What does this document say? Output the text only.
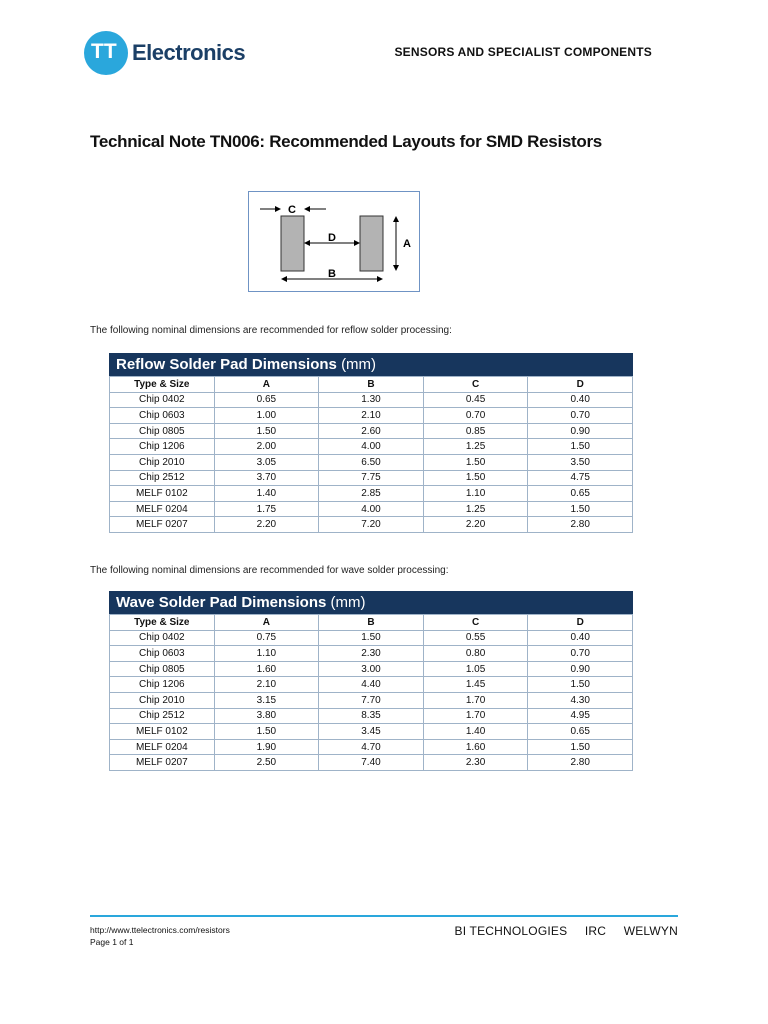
TT Electronics	SENSORS AND SPECIALIST COMPONENTS
Technical Note TN006: Recommended Layouts for SMD Resistors
C
D	A
B
The following nominal dimensions are recommended for reflow solder processing:
Reflow Solder Pad Dimensions (mm)
Type & Size	A	B	C	D
Chip 0402	0.65	1.30	0.45	0.40
Chip 0603	1.00	2.10	0.70	0.70
Chip 0805	1.50	2.60	0.85	0.90
Chip 1206	2.00	4.00	1.25	1.50
Chip 2010	3.05	6.50	1.50	3.50
Chip 2512	3.70	7.75	1.50	4.75
MELF 0102	1.40	2.85	1.10	0.65
MELF 0204	1.75	4.00	1.25	1.50
MELF 0207	2.20	7.20	2.20	2.80
The following nominal dimensions are recommended for wave solder processing:
Wave Solder Pad Dimensions (mm)
Type & Size	A	B	C	D
Chip 0402	0.75	1.50	0.55	0.40
Chip 0603	1.10	2.30	0.80	0.70
Chip 0805	1.60	3.00	1.05	0.90
Chip 1206	2.10	4.40	1.45	1.50
Chip 2010	3.15	7.70	1.70	4.30
Chip 2512	3.80	8.35	1.70	4.95
MELF 0102	1.50	3.45	1.40	0.65
MELF 0204	1.90	4.70	1.60	1.50
MELF 0207	2.50	7.40	2.30	2.80
http://www.ttelectronics.com/resistors
Page 1 of 1
BI TECHNOLOGIES IRC WELWYN
